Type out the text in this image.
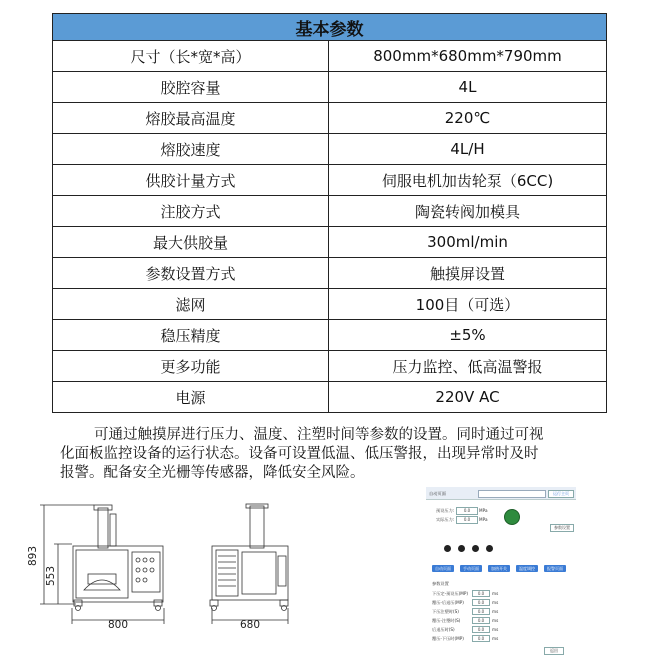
基本参数	
尺寸（长*宽*高）	800mm*680mm*790mm
胶腔容量	4L
熔胶最高温度	220℃
熔胶速度	4L/H
供胶计量方式	伺服电机加齿轮泵（6CC)
注胶方式	陶瓷转阀加模具
最大供胶量	300ml/min
参数设置方式	触摸屏设置
滤网	100目（可选）
稳压精度	±5%
更多功能	压力监控、低高温警报
电源	220V AC

可通过触摸屏进行压力、温度、注塑时间等参数的设置。同时通过可视

化面板监控设备的运行状态。设备可设置低温、低压警报，出现异常时及时
报警。配备安全光栅等传感器，降低安全风险。
893
553
800	680
自动页面	运行主页
预设压力:	0.0	MPa
实际压力:	0.0	MPa
参数设置
自动页面	手动页面	加热开关	温度调控	报警页面
参数设置
下压定-预设压(MP)	0.0	ms
覆压-后退压(MP)	0.0	ms
下压注塑时(S)	0.0	ms
覆压-注塑时(S)	0.0	ms
后退压时(S)	0.0	ms
覆压-下压时(MP)	0.0	ms
返回
